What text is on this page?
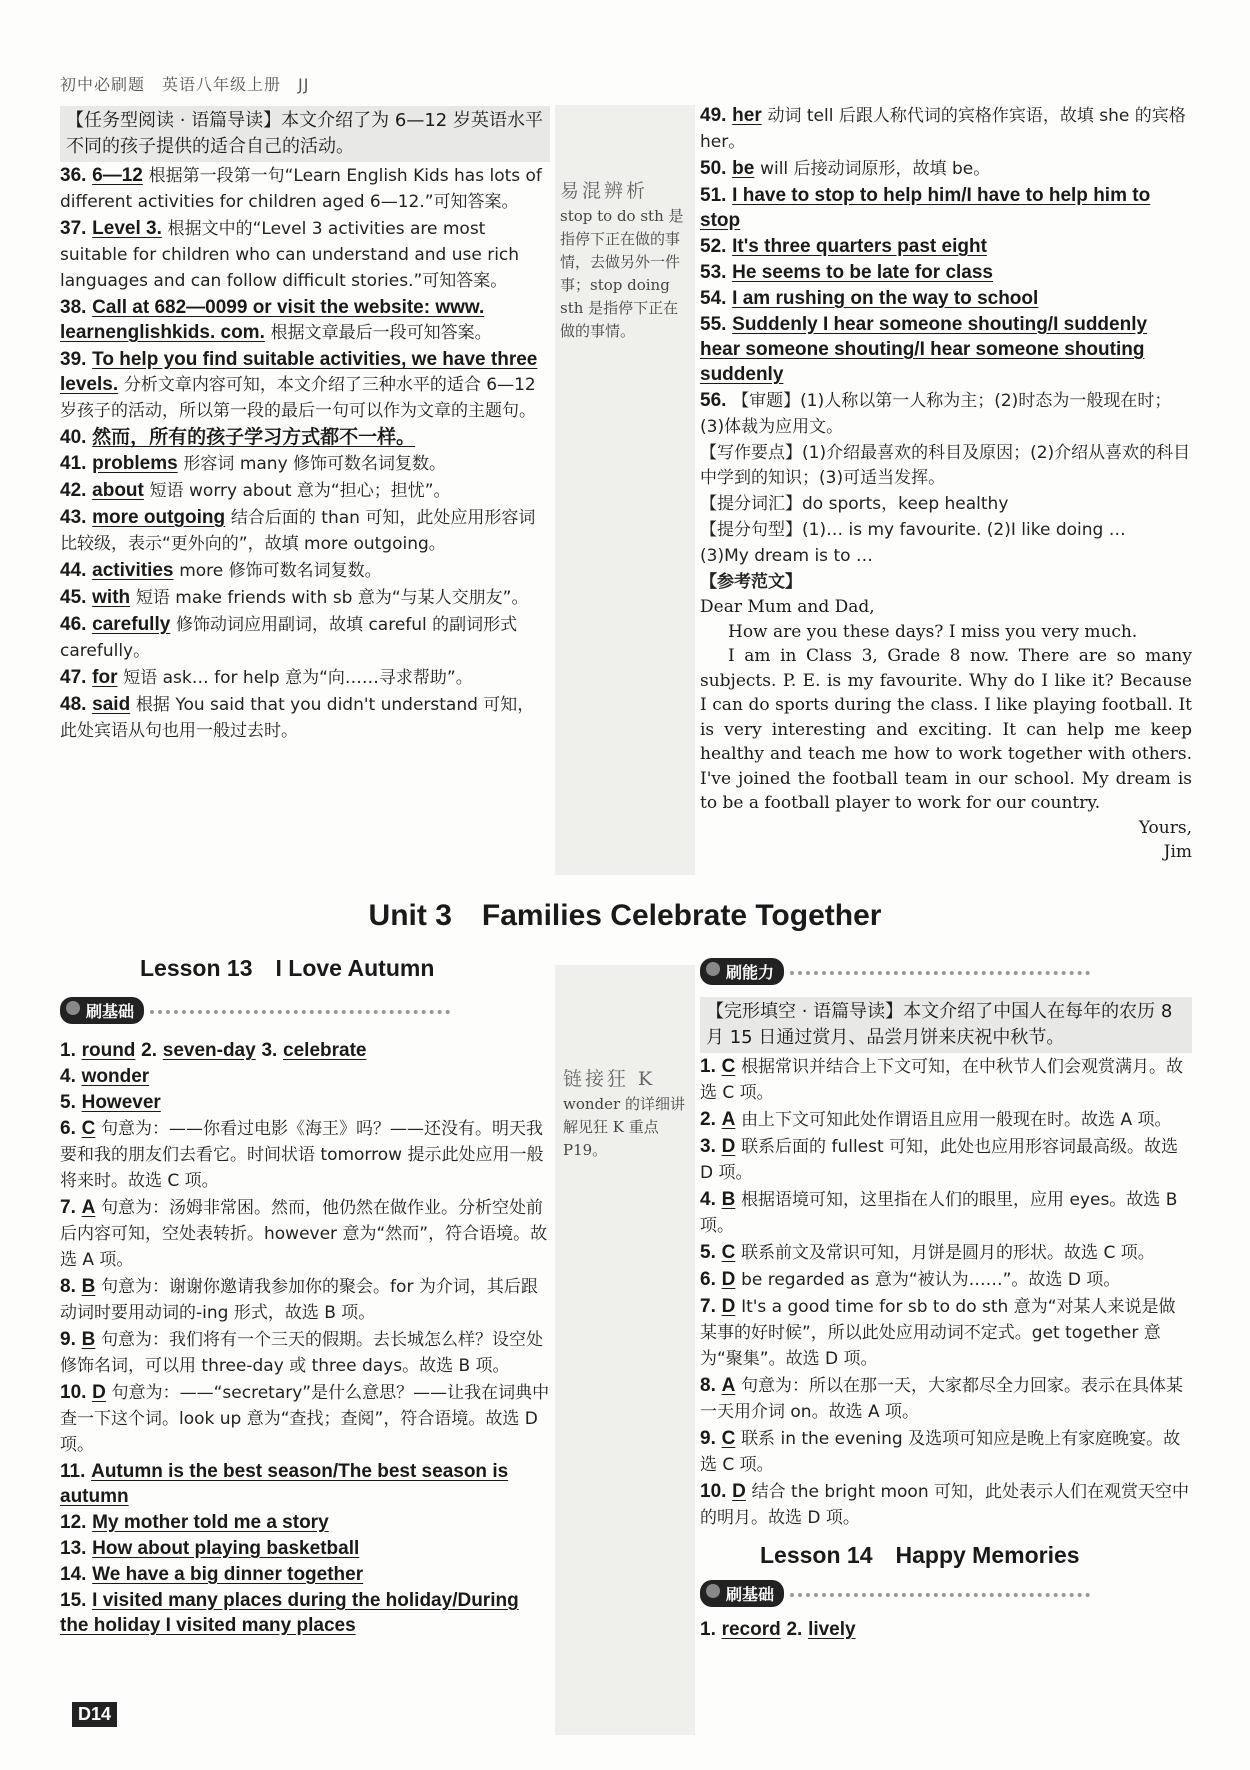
初中必刷题　英语八年级上册　JJ
易混辨析
stop to do sth 是指停下正在做的事情，去做另外一件事；stop doing sth 是指停下正在做的事情。
链接狂 K
wonder 的详细讲解见狂 K 重点 P19。
【任务型阅读 · 语篇导读】本文介绍了为 6—12 岁英语水平不同的孩子提供的适合自己的活动。
36. 6—12 根据第一段第一句“Learn English Kids has lots of different activities for children aged 6—12.”可知答案。
37. Level 3. 根据文中的“Level 3 activities are most suitable for children who can understand and use rich languages and can follow difficult stories.”可知答案。
38. Call at 682—0099 or visit the website: www. learnenglishkids. com. 根据文章最后一段可知答案。
39. To help you find suitable activities, we have three levels. 分析文章内容可知，本文介绍了三种水平的适合 6—12 岁孩子的活动，所以第一段的最后一句可以作为文章的主题句。
40. 然而，所有的孩子学习方式都不一样。
41. problems 形容词 many 修饰可数名词复数。
42. about 短语 worry about 意为“担心；担忧”。
43. more outgoing 结合后面的 than 可知，此处应用形容词比较级，表示“更外向的”，故填 more outgoing。
44. activities more 修饰可数名词复数。
45. with 短语 make friends with sb 意为“与某人交朋友”。
46. carefully 修饰动词应用副词，故填 careful 的副词形式 carefully。
47. for 短语 ask… for help 意为“向……寻求帮助”。
48. said 根据 You said that you didn't understand 可知，此处宾语从句也用一般过去时。
49. her 动词 tell 后跟人称代词的宾格作宾语，故填 she 的宾格 her。
50. be will 后接动词原形，故填 be。
51. I have to stop to help him/I have to help him to stop
52. It's three quarters past eight
53. He seems to be late for class
54. I am rushing on the way to school
55. Suddenly I hear someone shouting/I suddenly hear someone shouting/I hear someone shouting suddenly
56. 【审题】(1)人称以第一人称为主；(2)时态为一般现在时；(3)体裁为应用文。
【写作要点】(1)介绍最喜欢的科目及原因；(2)介绍从喜欢的科目中学到的知识；(3)可适当发挥。
【提分词汇】do sports，keep healthy
【提分句型】(1)… is my favourite. (2)I like doing …
(3)My dream is to …
【参考范文】
Dear Mum and Dad,
How are you these days? I miss you very much.
I am in Class 3, Grade 8 now. There are so many subjects. P. E. is my favourite. Why do I like it? Because I can do sports during the class. I like playing football. It is very interesting and exciting. It can help me keep healthy and teach me how to work together with others. I've joined the football team in our school. My dream is to be a football player to work for our country.
Yours,
Jim
Unit 3　Families Celebrate Together
Lesson 13　I Love Autumn
刷基础
1. round 2. seven-day 3. celebrate
4. wonder
5. However
6. C 句意为：——你看过电影《海王》吗？——还没有。明天我要和我的朋友们去看它。时间状语 tomorrow 提示此处应用一般将来时。故选 C 项。
7. A 句意为：汤姆非常困。然而，他仍然在做作业。分析空处前后内容可知，空处表转折。however 意为“然而”，符合语境。故选 A 项。
8. B 句意为：谢谢你邀请我参加你的聚会。for 为介词，其后跟动词时要用动词的-ing 形式，故选 B 项。
9. B 句意为：我们将有一个三天的假期。去长城怎么样？设空处修饰名词，可以用 three-day 或 three days。故选 B 项。
10. D 句意为：——“secretary”是什么意思？——让我在词典中查一下这个词。look up 意为“查找；查阅”，符合语境。故选 D 项。
11. Autumn is the best season/The best season is autumn
12. My mother told me a story
13. How about playing basketball
14. We have a big dinner together
15. I visited many places during the holiday/During the holiday I visited many places
刷能力
【完形填空 · 语篇导读】本文介绍了中国人在每年的农历 8 月 15 日通过赏月、品尝月饼来庆祝中秋节。
1. C 根据常识并结合上下文可知，在中秋节人们会观赏满月。故选 C 项。
2. A 由上下文可知此处作谓语且应用一般现在时。故选 A 项。
3. D 联系后面的 fullest 可知，此处也应用形容词最高级。故选 D 项。
4. B 根据语境可知，这里指在人们的眼里，应用 eyes。故选 B 项。
5. C 联系前文及常识可知，月饼是圆月的形状。故选 C 项。
6. D be regarded as 意为“被认为……”。故选 D 项。
7. D It's a good time for sb to do sth 意为“对某人来说是做某事的好时候”，所以此处应用动词不定式。get together 意为“聚集”。故选 D 项。
8. A 句意为：所以在那一天，大家都尽全力回家。表示在具体某一天用介词 on。故选 A 项。
9. C 联系 in the evening 及选项可知应是晚上有家庭晚宴。故选 C 项。
10. D 结合 the bright moon 可知，此处表示人们在观赏天空中的明月。故选 D 项。
Lesson 14　Happy Memories
刷基础
1. record 2. lively
D14
